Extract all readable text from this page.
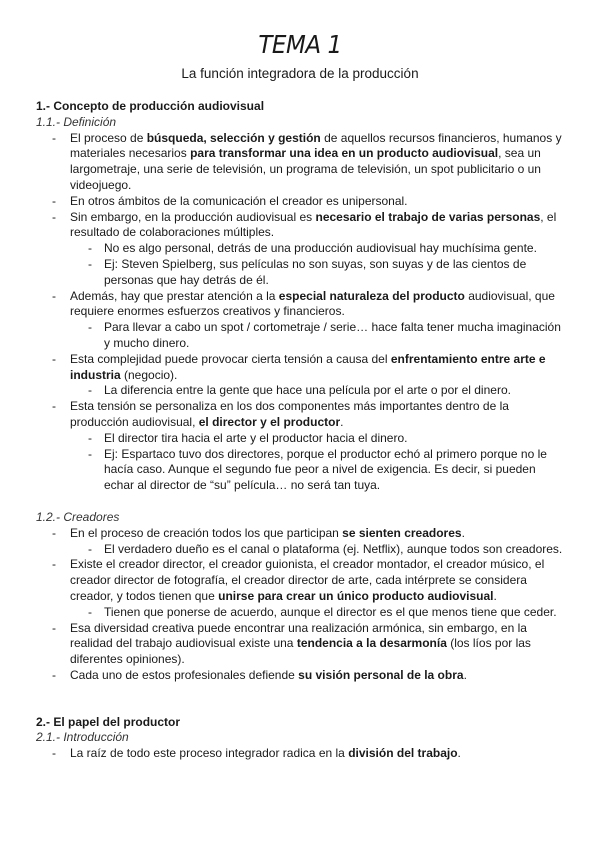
TEMA 1
La función integradora de la producción

1.- Concepto de producción audiovisual

1.1.- Definición

- El proceso de búsqueda, selección y gestión de aquellos recursos financieros, humanos y materiales necesarios para transformar una idea en un producto audiovisual, sea un largometraje, una serie de televisión, un programa de televisión, un spot publicitario o un videojuego.
- En otros ámbitos de la comunicación el creador es unipersonal.
- Sin embargo, en la producción audiovisual es necesario el trabajo de varias personas, el resultado de colaboraciones múltiples.
- No es algo personal, detrás de una producción audiovisual hay muchísima gente.
- Ej: Steven Spielberg, sus películas no son suyas, son suyas y de las cientos de personas que hay detrás de él.
- Además, hay que prestar atención a la especial naturaleza del producto audiovisual, que requiere enormes esfuerzos creativos y financieros.
- Para llevar a cabo un spot / cortometraje / serie… hace falta tener mucha imaginación y mucho dinero.
- Esta complejidad puede provocar cierta tensión a causa del enfrentamiento entre arte e industria (negocio).
- La diferencia entre la gente que hace una película por el arte o por el dinero.
- Esta tensión se personaliza en los dos componentes más importantes dentro de la producción audiovisual, el director y el productor.
- El director tira hacia el arte y el productor hacia el dinero.
- Ej: Espartaco tuvo dos directores, porque el productor echó al primero porque no le hacía caso. Aunque el segundo fue peor a nivel de exigencia. Es decir, si pueden echar al director de “su” película… no será tan tuya.

1.2.- Creadores

- En el proceso de creación todos los que participan se sienten creadores.
- El verdadero dueño es el canal o plataforma (ej. Netflix), aunque todos son creadores.
- Existe el creador director, el creador guionista, el creador montador, el creador músico, el creador director de fotografía, el creador director de arte, cada intérprete se considera creador, y todos tienen que unirse para crear un único producto audiovisual.
- Tienen que ponerse de acuerdo, aunque el director es el que menos tiene que ceder.
- Esa diversidad creativa puede encontrar una realización armónica, sin embargo, en la realidad del trabajo audiovisual existe una tendencia a la desarmonía (los líos por las diferentes opiniones).
- Cada uno de estos profesionales defiende su visión personal de la obra.

2.- El papel del productor

2.1.- Introducción

- La raíz de todo este proceso integrador radica en la división del trabajo.
